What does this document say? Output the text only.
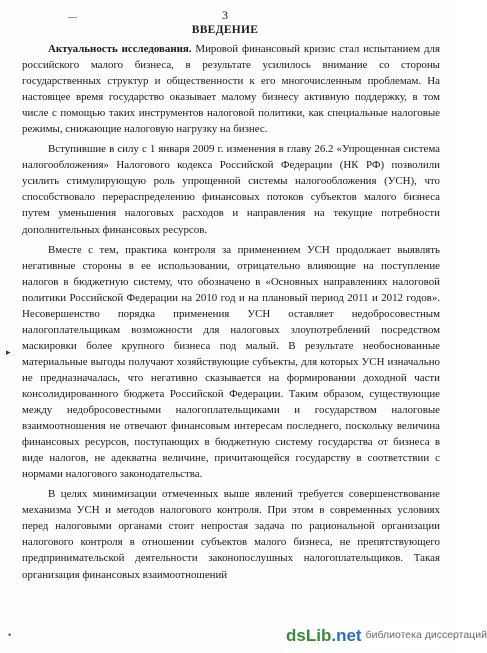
—	3
ВВЕДЕНИЕ

Актуальность исследования. Мировой финансовый кризис стал испытанием для российского малого бизнеса, в результате усилилось внимание со стороны государственных структур и общественности к его многочисленным проблемам. На настоящее время государство оказывает малому бизнесу активную поддержку, в том числе с помощью таких инструментов налоговой политики, как специальные налоговые режимы, снижающие налоговую нагрузку на бизнес.

Вступившие в силу с 1 января 2009 г. изменения в главу 26.2 «Упрощенная система налогообложения» Налогового кодекса Российской Федерации (НК РФ) позволили усилить стимулирующую роль упрощенной системы налогообложения (УСН), что способствовало перераспределению финансовых потоков субъектов малого бизнеса путем уменьшения налоговых расходов и направления на текущие потребности дополнительных финансовых ресурсов.

Вместе с тем, практика контроля за применением УСН продолжает выявлять негативные стороны в ее использовании, отрицательно влияющие на поступление налогов в бюджетную систему, что обозначено в «Основных направлениях налоговой политики Российской Федерации на 2010 год и на плановый период 2011 и 2012 годов». Несовершенство порядка применения УСН оставляет недобросовестным налогоплательщикам возможности для налоговых злоупотреблений посредством маскировки более крупного бизнеса под малый. В результате необоснованные материальные выгоды получают хозяйствующие субъекты, для которых УСН изначально не предназначалась, что негативно сказывается на формировании доходной части консолидированного бюджета Российской Федерации. Таким образом, существующие между недобросовестными налогоплательщиками и государством налоговые взаимоотношения не отвечают финансовым интересам последнего, поскольку величина финансовых ресурсов, поступающих в бюджетную систему государства от бизнеса в виде налогов, не адекватна величине, причитающейся государству в соответствии с нормами налогового законодательства.

В целях минимизации отмеченных выше явлений требуется совершенствование механизма УСН и методов налогового контроля. При этом в современных условиях перед налоговыми органами стоит непростая задача по рациональной организации налогового контроля в отношении субъектов малого бизнеса, не препятствующего предпринимательской деятельности законопослушных налогоплательщиков. Такая организация финансовых взаимоотношений

▸
•	dsLib.net библиотека диссертаций
